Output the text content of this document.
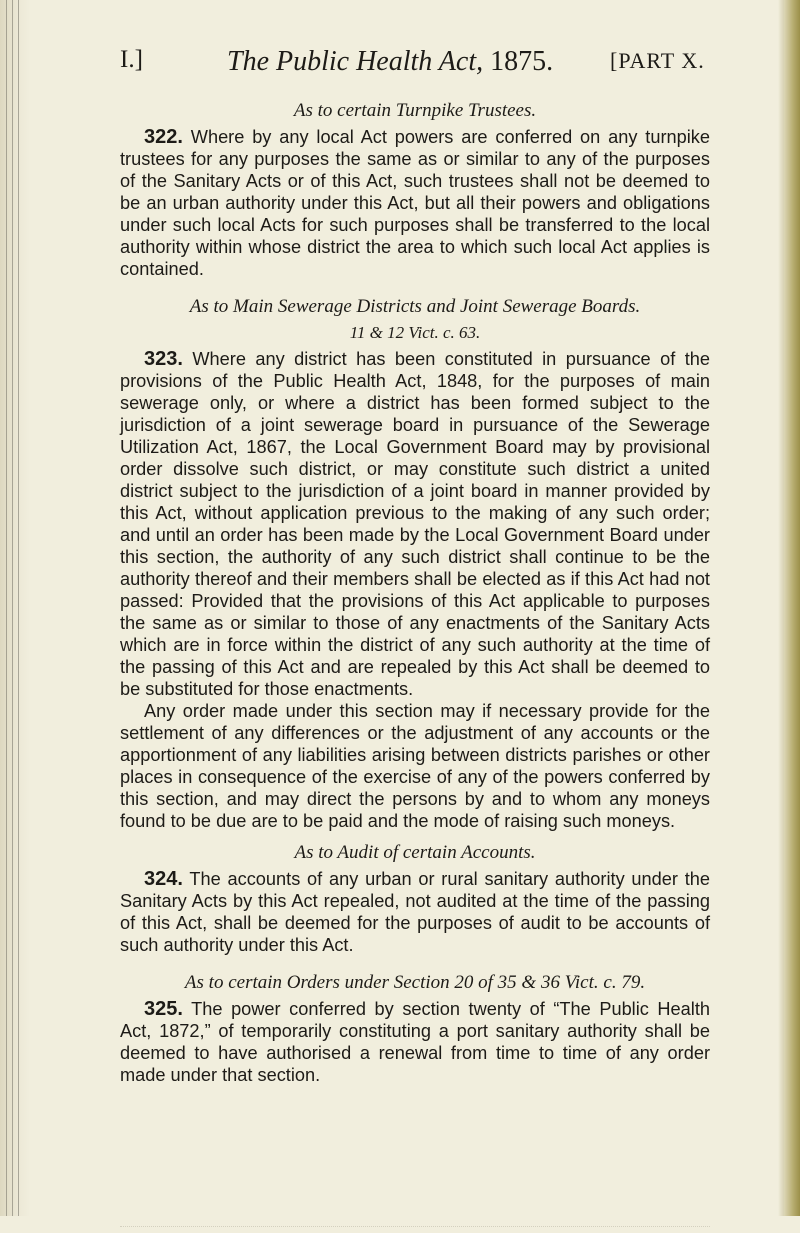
I.]	The Public Health Act, 1875.	[PART X.
As to certain Turnpike Trustees.

322. Where by any local Act powers are conferred on any turnpike trustees for any purposes the same as or similar to any of the purposes of the Sanitary Acts or of this Act, such trustees shall not be deemed to be an urban authority under this Act, but all their powers and obligations under such local Acts for such purposes shall be transferred to the local authority within whose district the area to which such local Act applies is contained.

As to Main Sewerage Districts and Joint Sewerage Boards.
11 & 12 Vict. c. 63.

323. Where any district has been constituted in pursuance of the provisions of the Public Health Act, 1848, for the purposes of main sewerage only, or where a district has been formed subject to the jurisdiction of a joint sewerage board in pursuance of the Sewerage Utilization Act, 1867, the Local Government Board may by provisional order dissolve such district, or may constitute such district a united district subject to the jurisdiction of a joint board in manner provided by this Act, without application previous to the making of any such order; and until an order has been made by the Local Government Board under this section, the authority of any such district shall continue to be the authority thereof and their members shall be elected as if this Act had not passed: Provided that the provisions of this Act applicable to purposes the same as or similar to those of any enactments of the Sanitary Acts which are in force within the district of any such authority at the time of the passing of this Act and are repealed by this Act shall be deemed to be substituted for those enactments.

Any order made under this section may if necessary provide for the settlement of any differences or the adjustment of any accounts or the apportionment of any liabilities arising between districts parishes or other places in consequence of the exercise of any of the powers conferred by this section, and may direct the persons by and to whom any moneys found to be due are to be paid and the mode of raising such moneys.

As to Audit of certain Accounts.

324. The accounts of any urban or rural sanitary authority under the Sanitary Acts by this Act repealed, not audited at the time of the passing of this Act, shall be deemed for the purposes of audit to be accounts of such authority under this Act.

As to certain Orders under Section 20 of 35 & 36 Vict. c. 79.

325. The power conferred by section twenty of “The Public Health Act, 1872,” of temporarily constituting a port sanitary authority shall be deemed to have authorised a renewal from time to time of any order made under that section.
